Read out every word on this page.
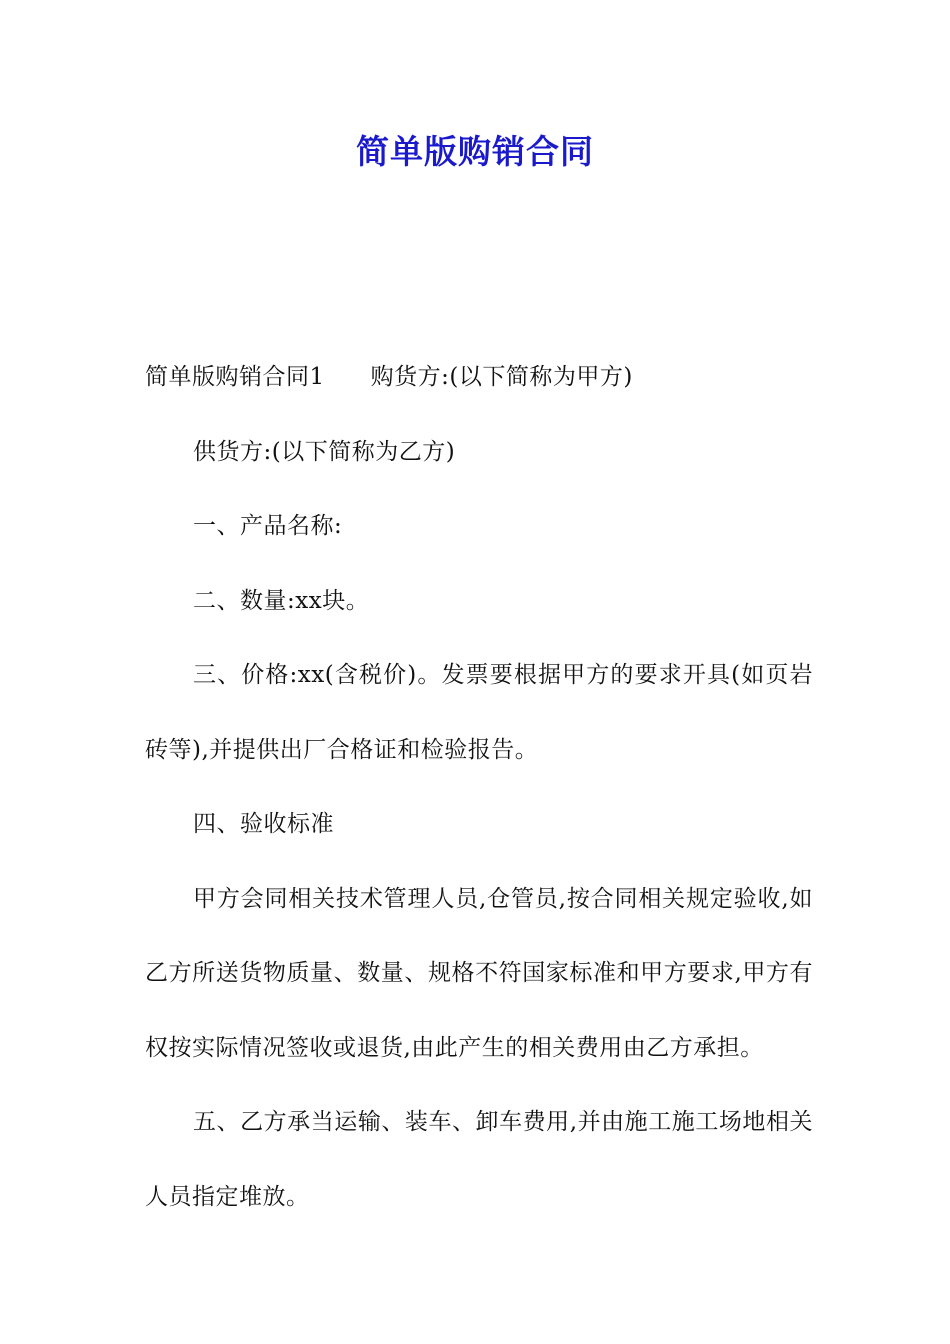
简单版购销合同

简单版购销合同1 购货方:(以下简称为甲方)

供货方:(以下简称为乙方)

一、产品名称:

二、数量:xx块。

三、价格:xx(含税价)。发票要根据甲方的要求开具(如页岩砖等),并提供出厂合格证和检验报告。

四、验收标准

甲方会同相关技术管理人员,仓管员,按合同相关规定验收,如乙方所送货物质量、数量、规格不符国家标准和甲方要求,甲方有权按实际情况签收或退货,由此产生的相关费用由乙方承担。

五、乙方承当运输、装车、卸车费用,并由施工施工场地相关人员指定堆放。
